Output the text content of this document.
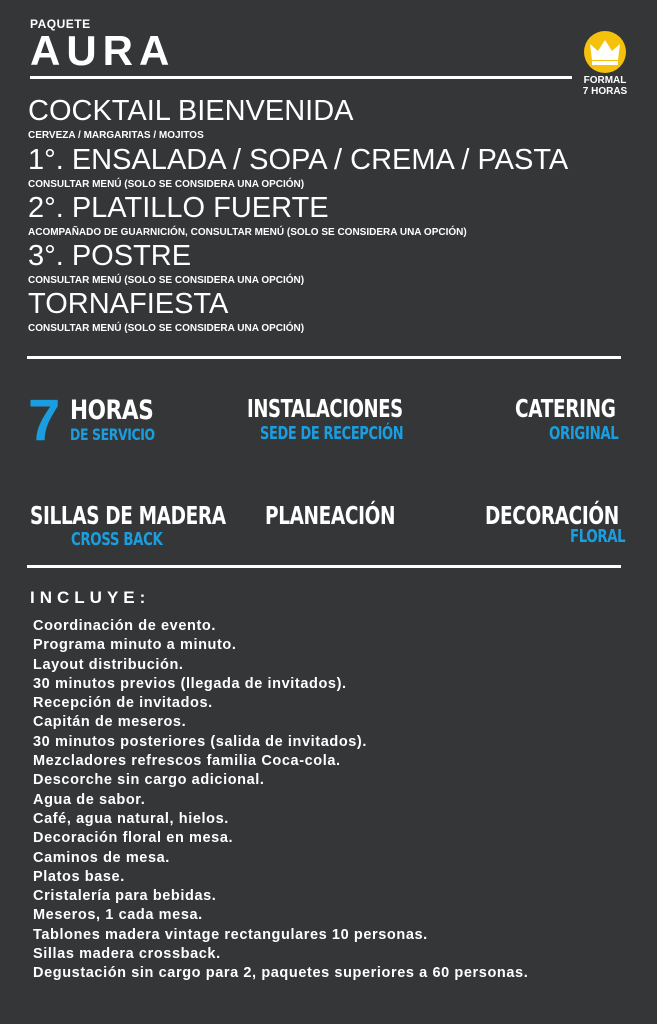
PAQUETE
AURA
FORMAL
7 HORAS
COCKTAIL BIENVENIDA
CERVEZA / MARGARITAS / MOJITOS
1°. ENSALADA / SOPA / CREMA / PASTA
CONSULTAR MENÚ (SOLO SE CONSIDERA UNA OPCIÓN)
2°. PLATILLO FUERTE
ACOMPAÑADO DE GUARNICIÓN, CONSULTAR MENÚ (SOLO SE CONSIDERA UNA OPCIÓN)
3°. POSTRE
CONSULTAR MENÚ (SOLO SE CONSIDERA UNA OPCIÓN)
TORNAFIESTA
CONSULTAR MENÚ (SOLO SE CONSIDERA UNA OPCIÓN)
7 HORAS
DE SERVICIO
INSTALACIONES
SEDE DE RECEPCIÓN
CATERING
ORIGINAL
SILLAS DE MADERA
CROSS BACK
PLANEACIÓN	DECORACIÓN
FLORAL
INCLUYE:
Coordinación de evento.
Programa minuto a minuto.
Layout distribución.
30 minutos previos (llegada de invitados).
Recepción de invitados.
Capitán de meseros.
30 minutos posteriores (salida de invitados).
Mezcladores refrescos familia Coca-cola.
Descorche sin cargo adicional.
Agua de sabor.
Café, agua natural, hielos.
Decoración floral en mesa.
Caminos de mesa.
Platos base.
Cristalería para bebidas.
Meseros, 1 cada mesa.
Tablones madera vintage rectangulares 10 personas.
Sillas madera crossback.
Degustación sin cargo para 2, paquetes superiores a 60 personas.
